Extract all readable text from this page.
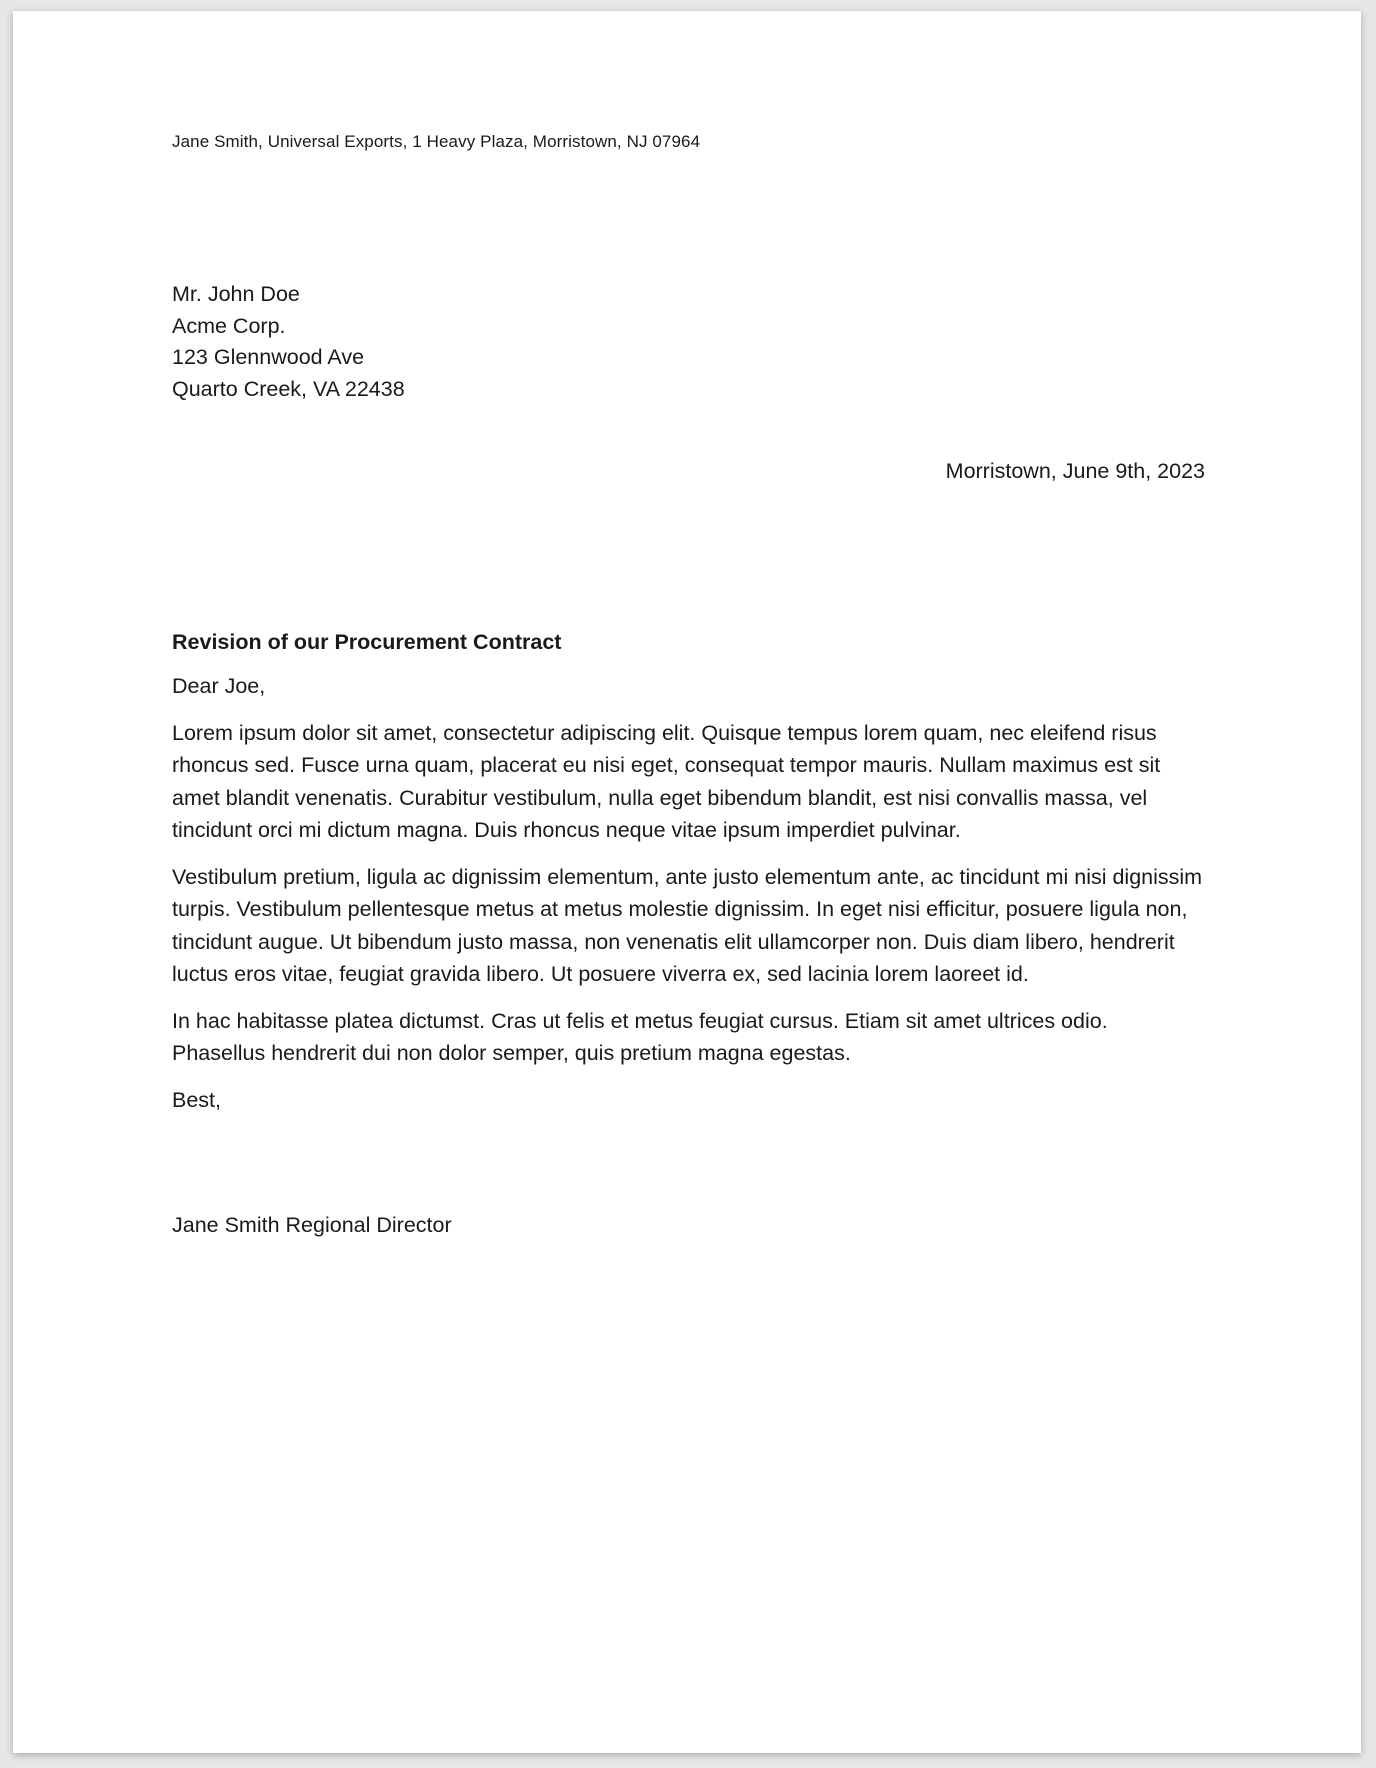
Jane Smith, Universal Exports, 1 Heavy Plaza, Morristown, NJ 07964
Mr. John Doe
Acme Corp.
123 Glennwood Ave
Quarto Creek, VA 22438
Morristown, June 9th, 2023
Revision of our Procurement Contract
Dear Joe,

Lorem ipsum dolor sit amet, consectetur adipiscing elit. Quisque tempus lorem quam, nec eleifend risus rhoncus sed. Fusce urna quam, placerat eu nisi eget, consequat tempor mauris. Nullam maximus est sit amet blandit venenatis. Curabitur vestibulum, nulla eget bibendum blandit, est nisi convallis massa, vel tincidunt orci mi dictum magna. Duis rhoncus neque vitae ipsum imperdiet pulvinar.

Vestibulum pretium, ligula ac dignissim elementum, ante justo elementum ante, ac tincidunt mi nisi dignissim turpis. Vestibulum pellentesque metus at metus molestie dignissim. In eget nisi efficitur, posuere ligula non, tincidunt augue. Ut bibendum justo massa, non venenatis elit ullamcorper non. Duis diam libero, hendrerit luctus eros vitae, feugiat gravida libero. Ut posuere viverra ex, sed lacinia lorem laoreet id.

In hac habitasse platea dictumst. Cras ut felis et metus feugiat cursus. Etiam sit amet ultrices odio. Phasellus hendrerit dui non dolor semper, quis pretium magna egestas.

Best,
Jane Smith Regional Director
